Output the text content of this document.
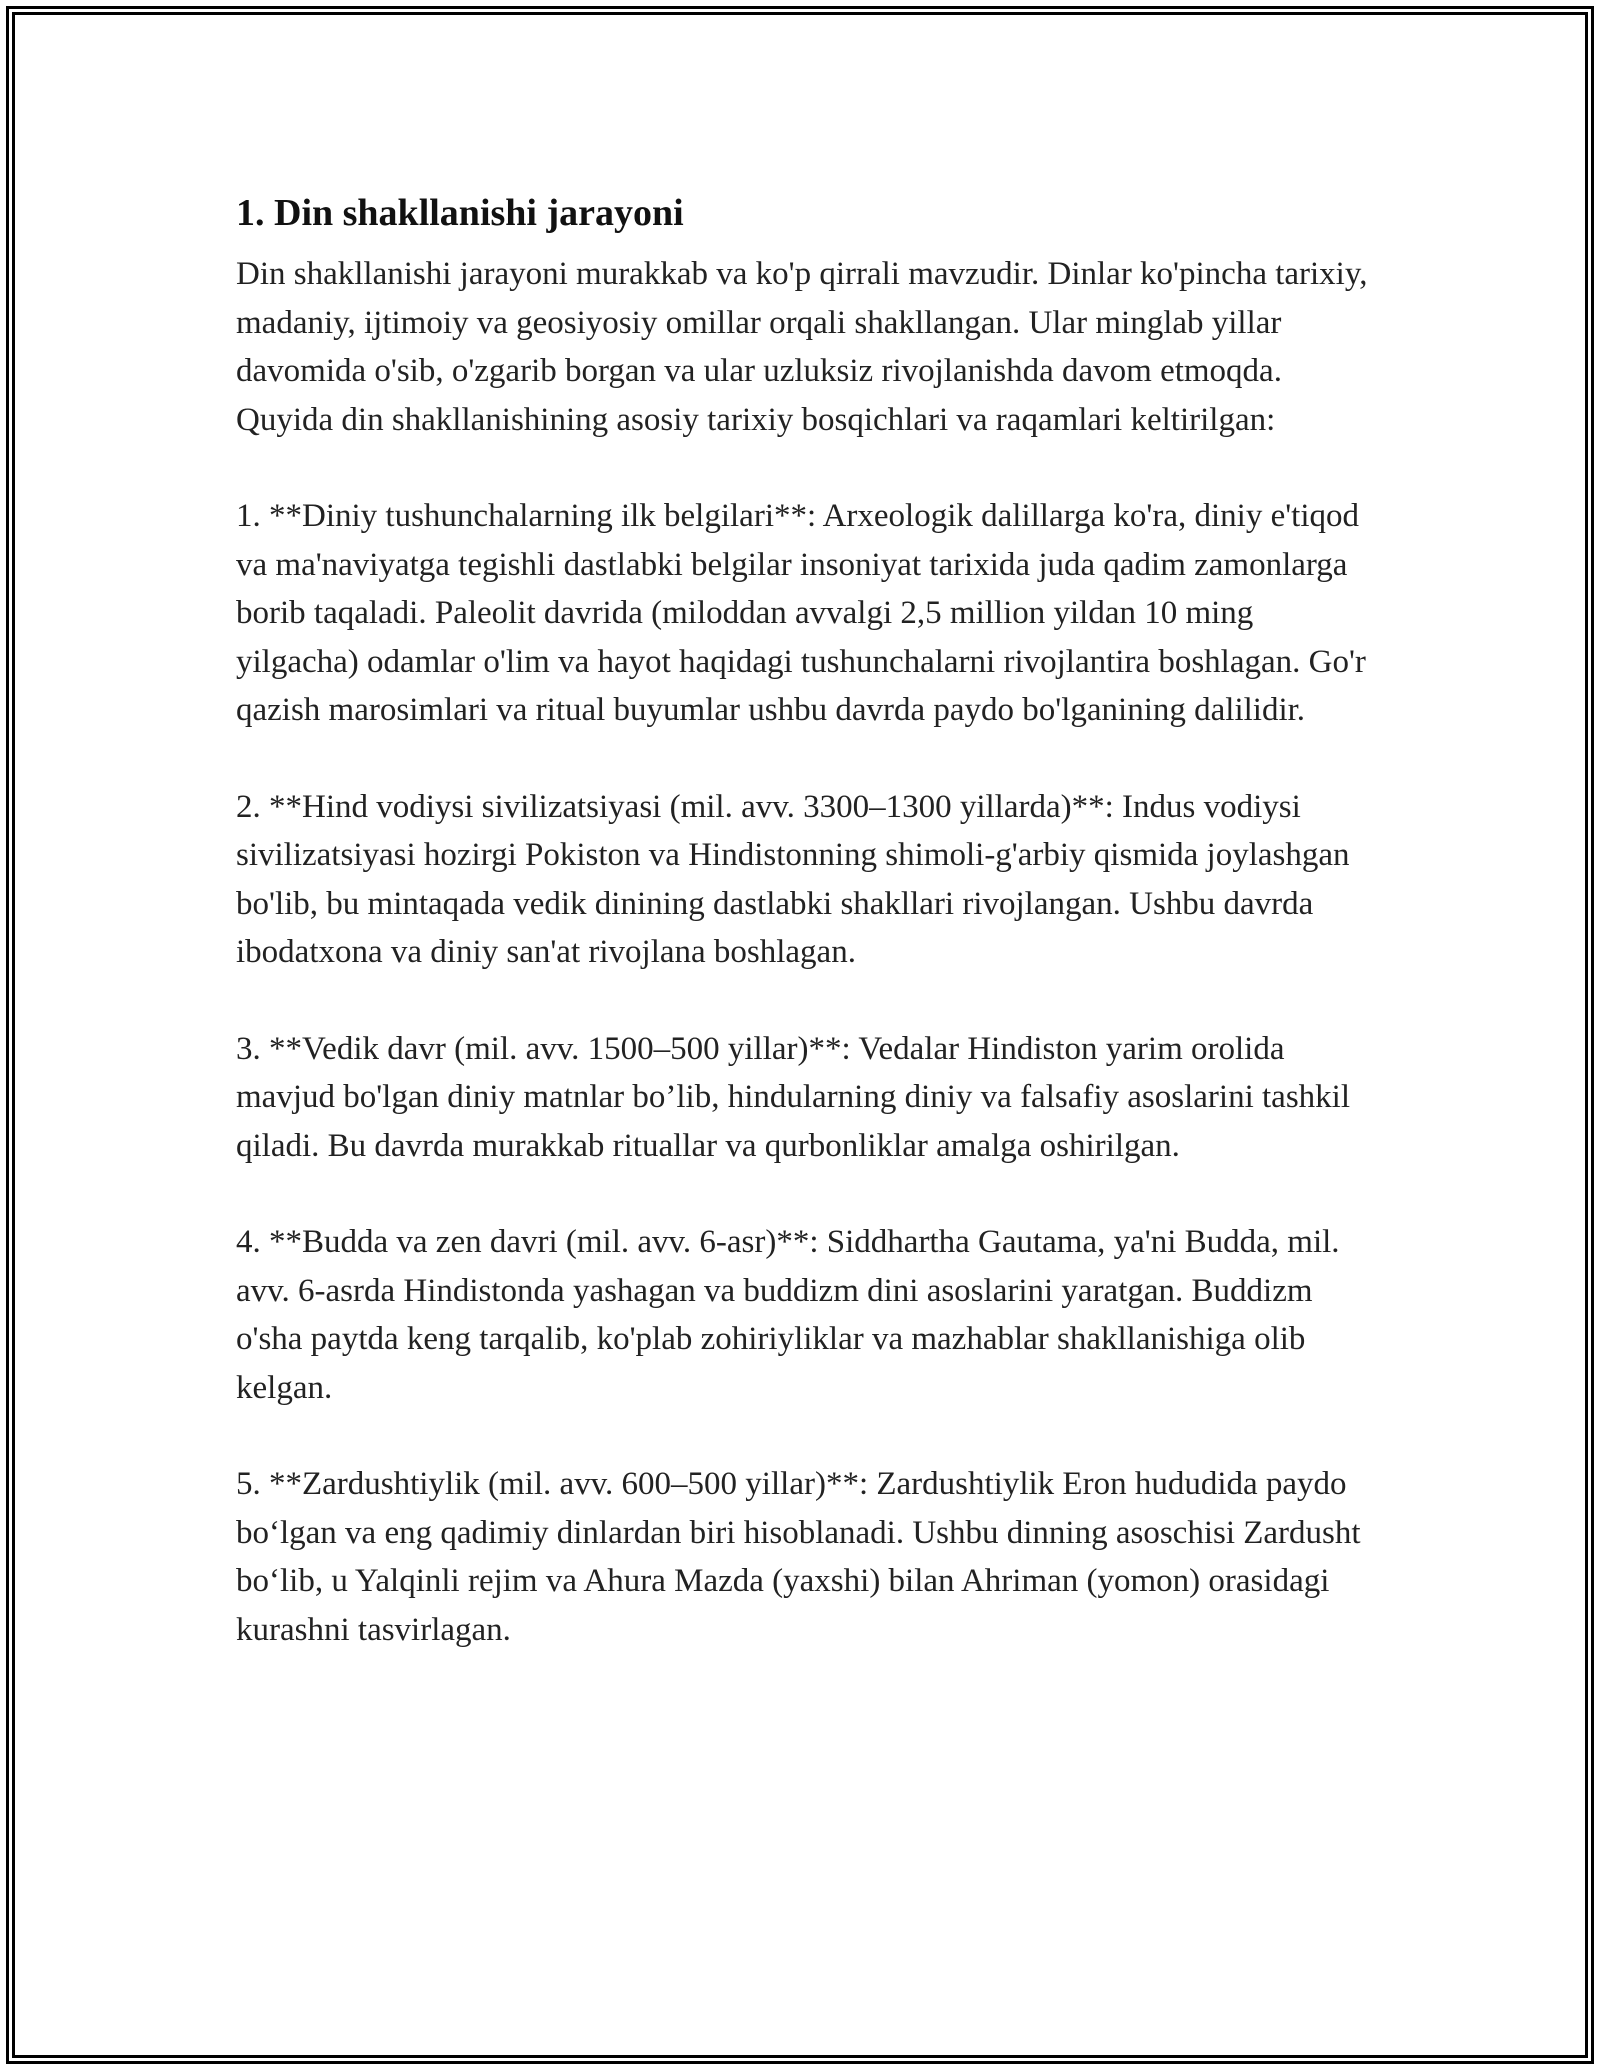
1. Din shakllanishi jarayoni

Din shakllanishi jarayoni murakkab va ko'p qirrali mavzudir. Dinlar ko'pincha tarixiy, madaniy, ijtimoiy va geosiyosiy omillar orqali shakllangan. Ular minglab yillar davomida o'sib, o'zgarib borgan va ular uzluksiz rivojlanishda davom etmoqda. Quyida din shakllanishining asosiy tarixiy bosqichlari va raqamlari keltirilgan:

1. **Diniy tushunchalarning ilk belgilari**: Arxeologik dalillarga ko'ra, diniy e'tiqod va ma'naviyatga tegishli dastlabki belgilar insoniyat tarixida juda qadim zamonlarga borib taqaladi. Paleolit davrida (miloddan avvalgi 2,5 million yildan 10 ming yilgacha) odamlar o'lim va hayot haqidagi tushunchalarni rivojlantira boshlagan. Go'r qazish marosimlari va ritual buyumlar ushbu davrda paydo bo'lganining dalilidir.

2. **Hind vodiysi sivilizatsiyasi (mil. avv. 3300–1300 yillarda)**: Indus vodiysi sivilizatsiyasi hozirgi Pokiston va Hindistonning shimoli-g'arbiy qismida joylashgan bo'lib, bu mintaqada vedik dinining dastlabki shakllari rivojlangan. Ushbu davrda ibodatxona va diniy san'at rivojlana boshlagan.

3. **Vedik davr (mil. avv. 1500–500 yillar)**: Vedalar Hindiston yarim orolida mavjud bo'lgan diniy matnlar bo’lib, hindularning diniy va falsafiy asoslarini tashkil qiladi. Bu davrda murakkab rituallar va qurbonliklar amalga oshirilgan.

4. **Budda va zen davri (mil. avv. 6-asr)**: Siddhartha Gautama, ya'ni Budda, mil. avv. 6-asrda Hindistonda yashagan va buddizm dini asoslarini yaratgan. Buddizm o'sha paytda keng tarqalib, ko'plab zohiriyliklar va mazhablar shakllanishiga olib kelgan.

5. **Zardushtiylik (mil. avv. 600–500 yillar)**: Zardushtiylik Eron hududida paydo bo‘lgan va eng qadimiy dinlardan biri hisoblanadi. Ushbu dinning asoschisi Zardusht bo‘lib, u Yalqinli rejim va Ahura Mazda (yaxshi) bilan Ahriman (yomon) orasidagi kurashni tasvirlagan.
